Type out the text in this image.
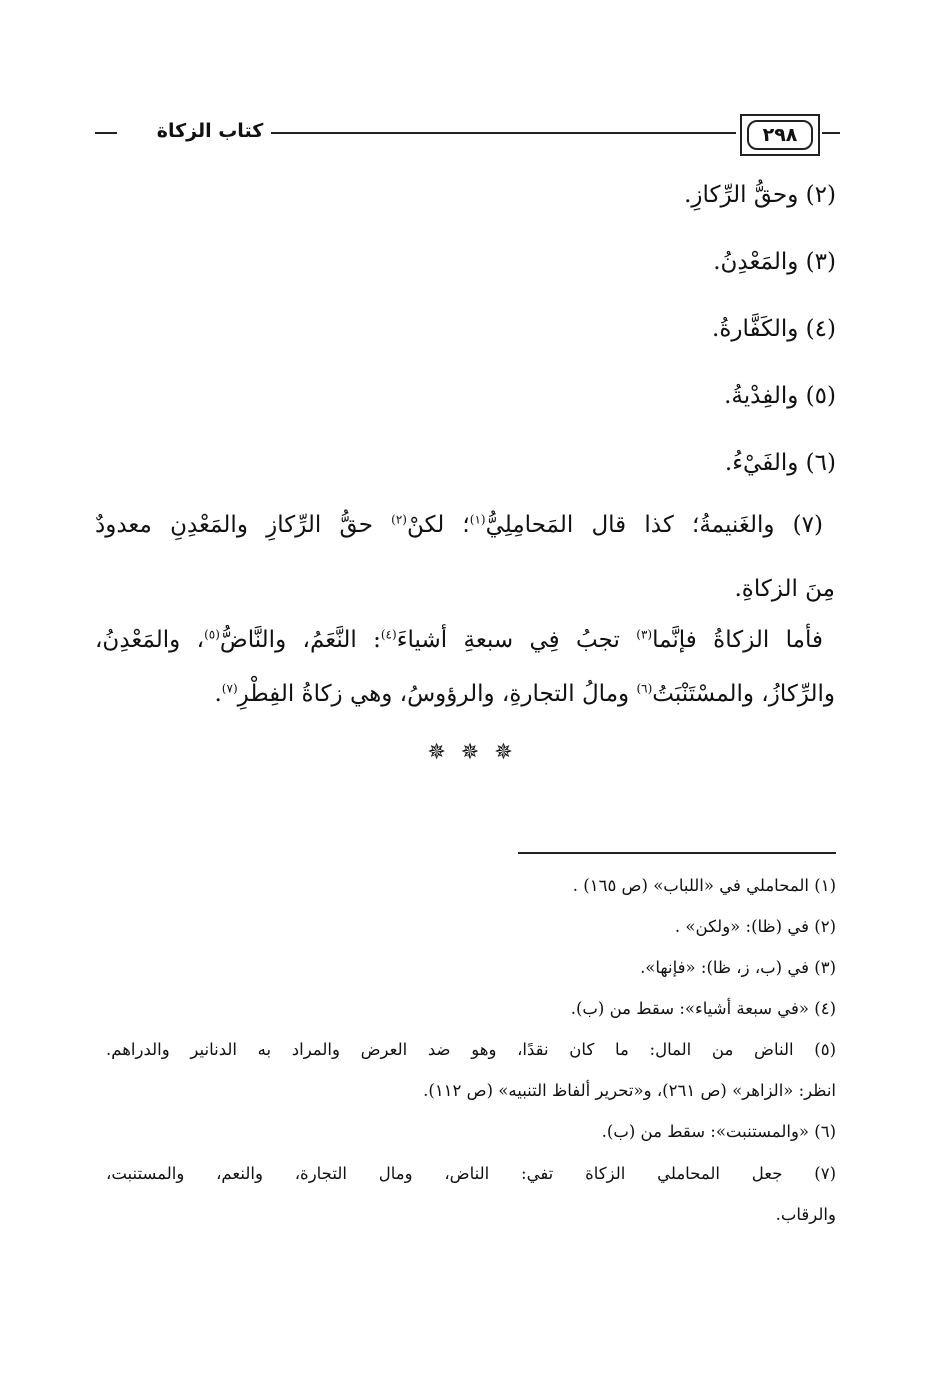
٢٩٨
كتاب الزكاة
(٢) وحقُّ الرِّكازِ.
(٣) والمَعْدِنُ.
(٤) والكَفَّارةُ.
(٥) والفِدْيةُ.
(٦) والفَيْءُ.
(٧) والغَنيمةُ؛ كذا قال المَحامِلِيُّ$^{(١)}$؛ لكنْ$^{(٢)}$ حقُّ الرِّكازِ والمَعْدِنِ معدودٌ
مِنَ الزكاةِ.
فأما الزكاةُ فإنَّما$^{(٣)}$ تجبُ فِي سبعةِ أشياءَ$^{(٤)}$: النَّعَمُ، والنَّاضُّ$^{(٥)}$، والمَعْدِنُ،
والرِّكازُ، والمسْتَنْبَتُ$^{(٦)}$ ومالُ التجارةِ، والرؤوسُ، وهي زكاةُ الفِطْرِ$^{(٧)}$.
✵ ✵ ✵
(١) المحاملي في «اللباب» (ص ١٦٥) .
(٢) في (ظا): «ولكن» .
(٣) في (ب، ز، ظا): «فإنها».
(٤) «في سبعة أشياء»: سقط من (ب).
(٥) الناض من المال: ما كان نقدًا، وهو ضد العرض والمراد به الدنانير والدراهم.
انظر: «الزاهر» (ص ٢٦١)، و«تحرير ألفاظ التنبيه» (ص ١١٢).
(٦) «والمستنبت»: سقط من (ب).
(٧) جعل المحاملي الزكاة تفي: الناض، ومال التجارة، والنعم، والمستنبت،
والرقاب.
